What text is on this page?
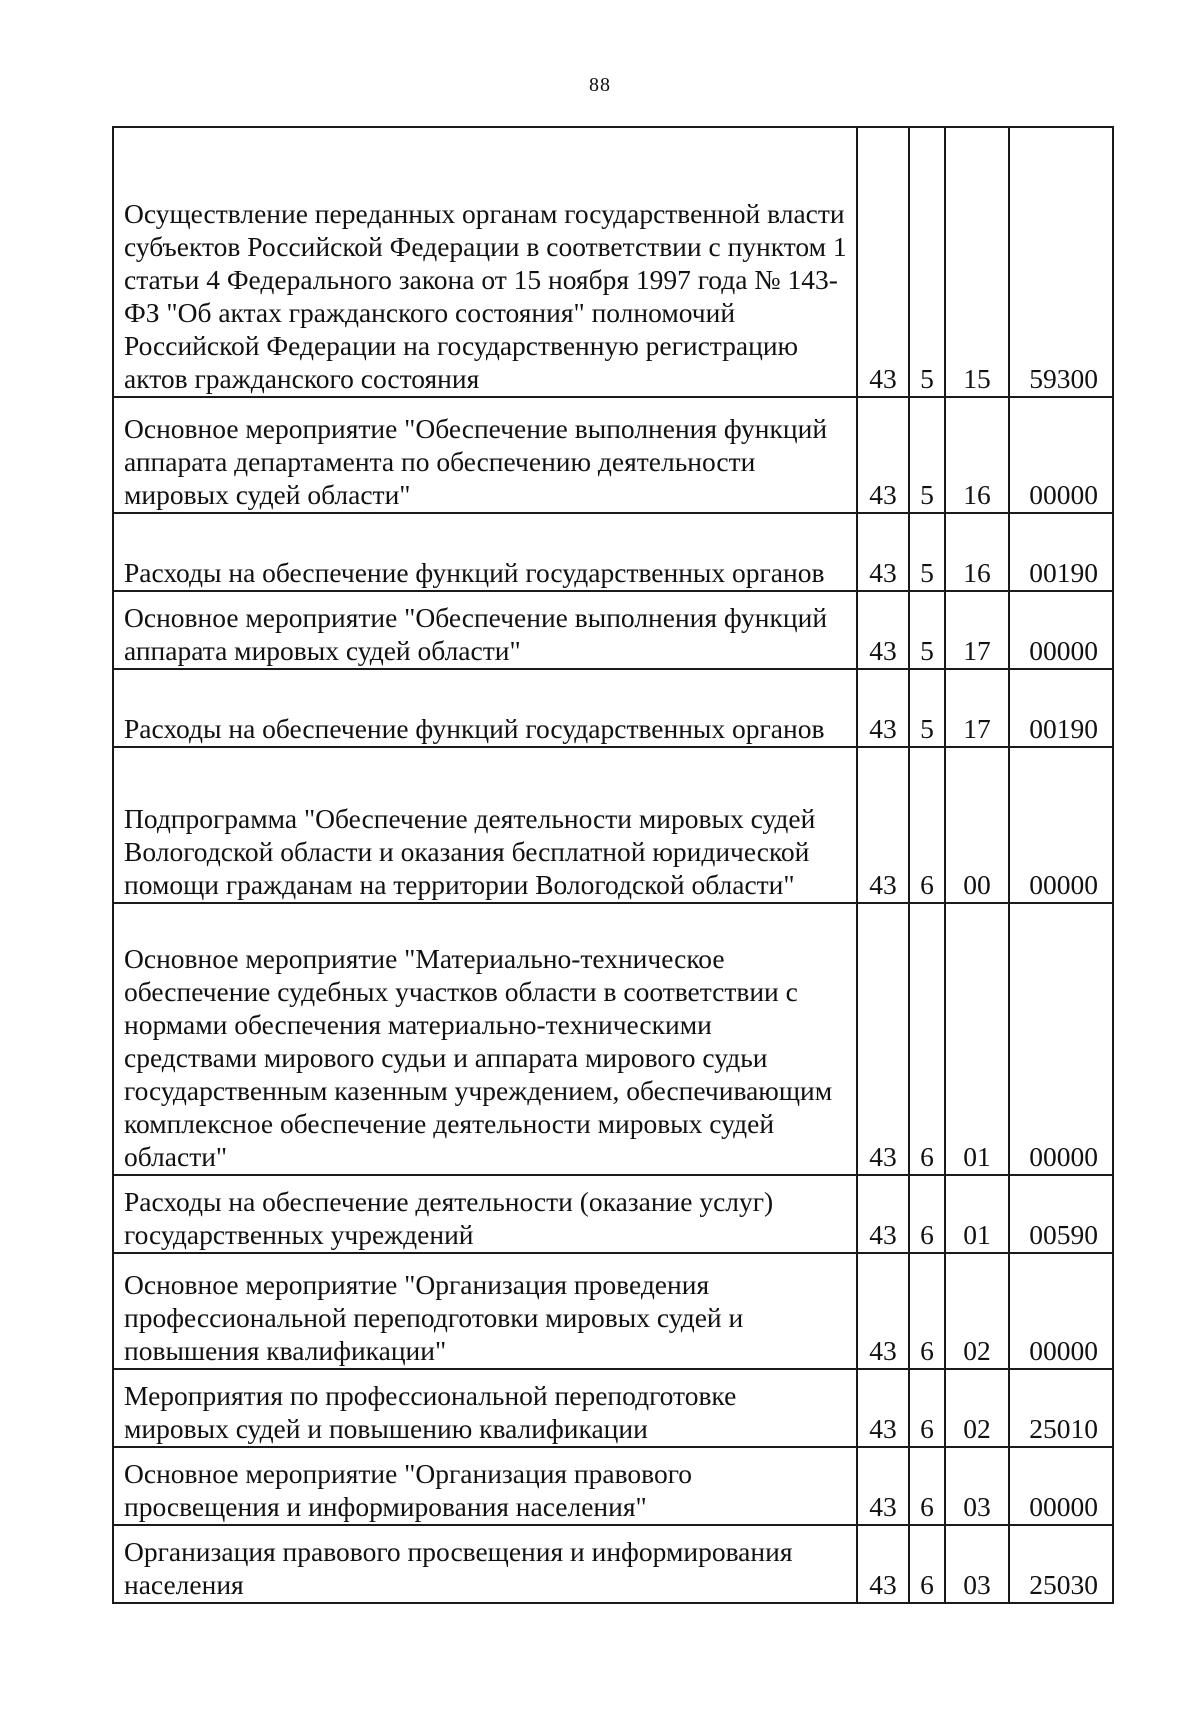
88
Осуществление переданных органам государственной власти субъектов Российской Федерации в соответствии с пунктом 1 статьи 4 Федерального закона от 15 ноября 1997 года № 143-ФЗ "Об актах гражданского состояния" полномочий Российской Федерации на государственную регистрацию актов гражданского состояния	43	5	15	59300
Основное мероприятие "Обеспечение выполнения функций аппарата департамента по обеспечению деятельности мировых судей области"	43	5	16	00000
Расходы на обеспечение функций государственных органов	43	5	16	00190
Основное мероприятие "Обеспечение выполнения функций аппарата мировых судей области"	43	5	17	00000
Расходы на обеспечение функций государственных органов	43	5	17	00190
Подпрограмма "Обеспечение деятельности мировых судей Вологодской области и оказания бесплатной юридической помощи гражданам на территории Вологодской области"	43	6	00	00000
Основное мероприятие "Материально-техническое обеспечение судебных участков области в соответствии с нормами обеспечения материально-техническими средствами мирового судьи и аппарата мирового судьи государственным казенным учреждением, обеспечивающим комплексное обеспечение деятельности мировых судей области"	43	6	01	00000
Расходы на обеспечение деятельности (оказание услуг) государственных учреждений	43	6	01	00590
Основное мероприятие "Организация проведения профессиональной переподготовки мировых судей и повышения квалификации"	43	6	02	00000
Мероприятия по профессиональной переподготовке мировых судей и повышению квалификации	43	6	02	25010
Основное мероприятие "Организация правового просвещения и информирования населения"	43	6	03	00000
Организация правового просвещения и информирования населения	43	6	03	25030
